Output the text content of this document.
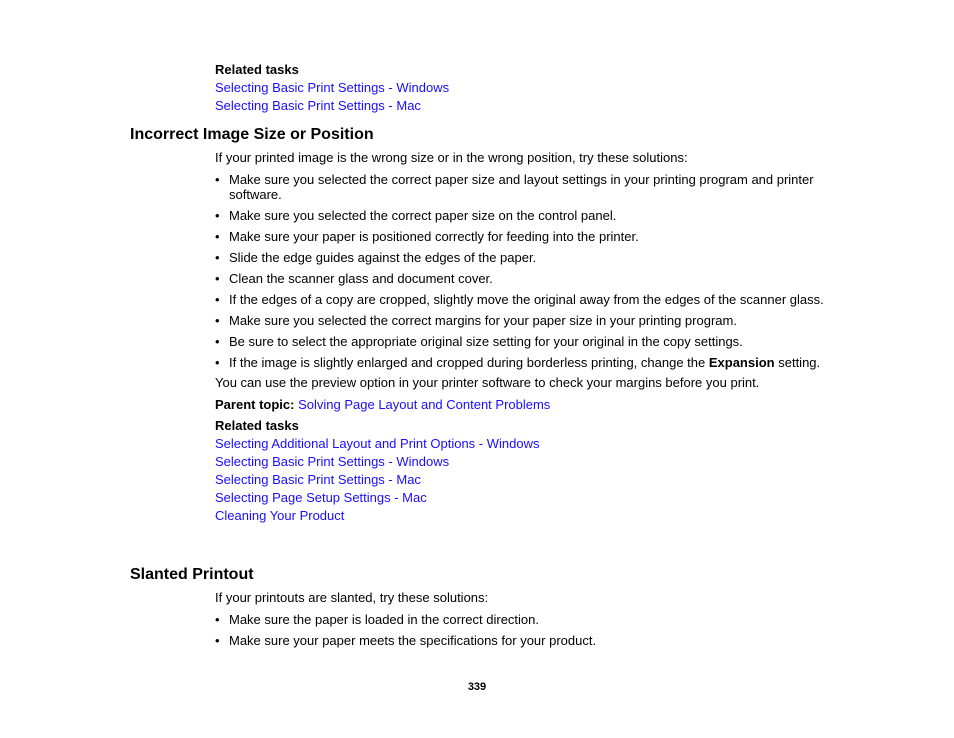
Related tasks
Selecting Basic Print Settings - Windows
Selecting Basic Print Settings - Mac
Incorrect Image Size or Position
If your printed image is the wrong size or in the wrong position, try these solutions:
• Make sure you selected the correct paper size and layout settings in your printing program and printer software.
• Make sure you selected the correct paper size on the control panel.
• Make sure your paper is positioned correctly for feeding into the printer.
• Slide the edge guides against the edges of the paper.
• Clean the scanner glass and document cover.
• If the edges of a copy are cropped, slightly move the original away from the edges of the scanner glass.
• Make sure you selected the correct margins for your paper size in your printing program.
• Be sure to select the appropriate original size setting for your original in the copy settings.
• If the image is slightly enlarged and cropped during borderless printing, change the Expansion setting.
You can use the preview option in your printer software to check your margins before you print.
Parent topic: Solving Page Layout and Content Problems
Related tasks
Selecting Additional Layout and Print Options - Windows
Selecting Basic Print Settings - Windows
Selecting Basic Print Settings - Mac
Selecting Page Setup Settings - Mac
Cleaning Your Product
Slanted Printout
If your printouts are slanted, try these solutions:
• Make sure the paper is loaded in the correct direction.
• Make sure your paper meets the specifications for your product.
339
